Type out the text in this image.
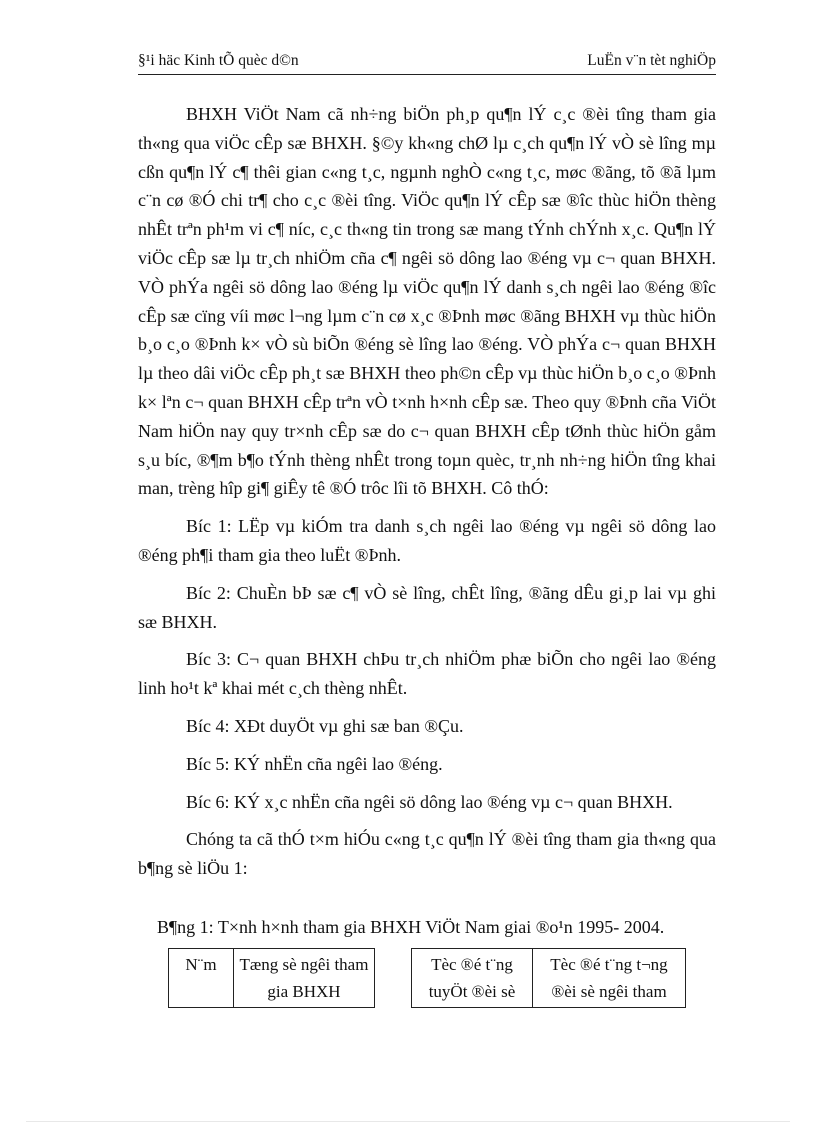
§¹i häc Kinh tÕ quèc d©n	LuËn v¨n tèt nghiÖp

BHXH ViÖt Nam cã nh÷ng biÖn ph¸p qu¶n lÝ c¸c ®èi tîng tham gia th«ng qua viÖc cÊp sæ BHXH. §©y kh«ng chØ lµ c¸ch qu¶n lÝ vÒ sè lîng mµ cßn qu¶n lÝ c¶ thêi gian c«ng t¸c, ngµnh nghÒ c«ng t¸c, møc ®ãng, tõ ®ã lµm c¨n cø ®Ó chi tr¶ cho c¸c ®èi tîng. ViÖc qu¶n lÝ cÊp sæ ®îc thùc hiÖn thèng nhÊt trªn ph¹m vi c¶ níc, c¸c th«ng tin trong sæ mang tÝnh chÝnh x¸c. Qu¶n lÝ viÖc cÊp sæ lµ tr¸ch nhiÖm cña c¶ ngêi sö dông lao ®éng vµ c¬ quan BHXH. VÒ phÝa ngêi sö dông lao ®éng lµ viÖc qu¶n lÝ danh s¸ch ngêi lao ®éng ®îc cÊp sæ cïng víi møc l¬ng lµm c¨n cø x¸c ®Þnh møc ®ãng BHXH vµ thùc hiÖn b¸o c¸o ®Þnh k× vÒ sù biÕn ®éng sè lîng lao ®éng. VÒ phÝa c¬ quan BHXH lµ theo dâi viÖc cÊp ph¸t sæ BHXH theo ph©n cÊp vµ thùc hiÖn b¸o c¸o ®Þnh k× lªn c¬ quan BHXH cÊp trªn vÒ t×nh h×nh cÊp sæ. Theo quy ®Þnh cña ViÖt Nam hiÖn nay quy tr×nh cÊp sæ do c¬ quan BHXH cÊp tØnh thùc hiÖn gåm s¸u bíc, ®¶m b¶o tÝnh thèng nhÊt trong toµn quèc, tr¸nh nh÷ng hiÖn tîng khai man, trèng hîp gi¶ giÊy tê ®Ó trôc lîi tõ BHXH. Cô thÓ:

Bíc 1: LËp vµ kiÓm tra danh s¸ch ngêi lao ®éng vµ ngêi sö dông lao ®éng ph¶i tham gia theo luËt ®Þnh.

Bíc 2: ChuÈn bÞ sæ c¶ vÒ sè lîng, chÊt lîng, ®ãng dÊu gi¸p lai vµ ghi sæ BHXH.

Bíc 3: C¬ quan BHXH chÞu tr¸ch nhiÖm phæ biÕn cho ngêi lao ®éng linh ho¹t kª khai mét c¸ch thèng nhÊt.

Bíc 4: XÐt duyÖt vµ ghi sæ ban ®Çu.

Bíc 5: KÝ nhËn cña ngêi lao ®éng.

Bíc 6: KÝ x¸c nhËn cña ngêi sö dông lao ®éng vµ c¬ quan BHXH.

Chóng ta cã thÓ t×m hiÓu c«ng t¸c qu¶n lÝ ®èi tîng tham gia th«ng qua b¶ng sè liÖu 1:

B¶ng 1: T×nh h×nh tham gia BHXH ViÖt Nam giai ®o¹n 1995- 2004.
N¨m	Tæng sè ngêi tham gia BHXH		Tèc ®é t¨ng tuyÖt ®èi sè	Tèc ®é t¨ng t¬ng ®èi sè ngêi tham
